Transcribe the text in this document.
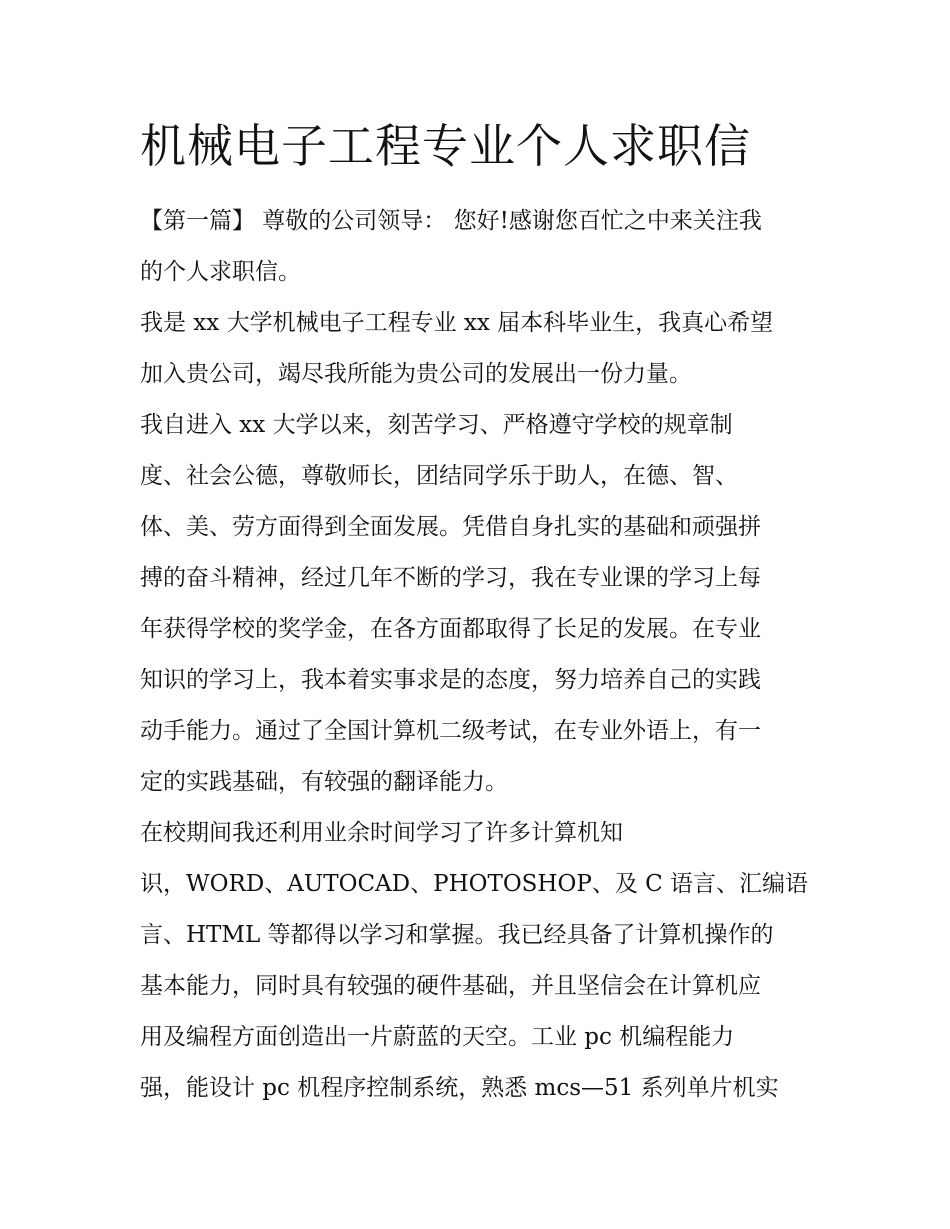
机械电子工程专业个人求职信
【第一篇】 尊敬的公司领导： 您好!感谢您百忙之中来关注我
的个人求职信。
我是 xx 大学机械电子工程专业 xx 届本科毕业生，我真心希望
加入贵公司，竭尽我所能为贵公司的发展出一份力量。
我自进入 xx 大学以来，刻苦学习、严格遵守学校的规章制
度、社会公德，尊敬师长，团结同学乐于助人，在德、智、
体、美、劳方面得到全面发展。凭借自身扎实的基础和顽强拼
搏的奋斗精神，经过几年不断的学习，我在专业课的学习上每
年获得学校的奖学金，在各方面都取得了长足的发展。在专业
知识的学习上，我本着实事求是的态度，努力培养自己的实践
动手能力。通过了全国计算机二级考试，在专业外语上，有一
定的实践基础，有较强的翻译能力。
在校期间我还利用业余时间学习了许多计算机知
识，WORD、AUTOCAD、PHOTOSHOP、及 C 语言、汇编语
言、HTML 等都得以学习和掌握。我已经具备了计算机操作的
基本能力，同时具有较强的硬件基础，并且坚信会在计算机应
用及编程方面创造出一片蔚蓝的天空。工业 pc 机编程能力
强，能设计 pc 机程序控制系统，熟悉 mcs—51 系列单片机实
